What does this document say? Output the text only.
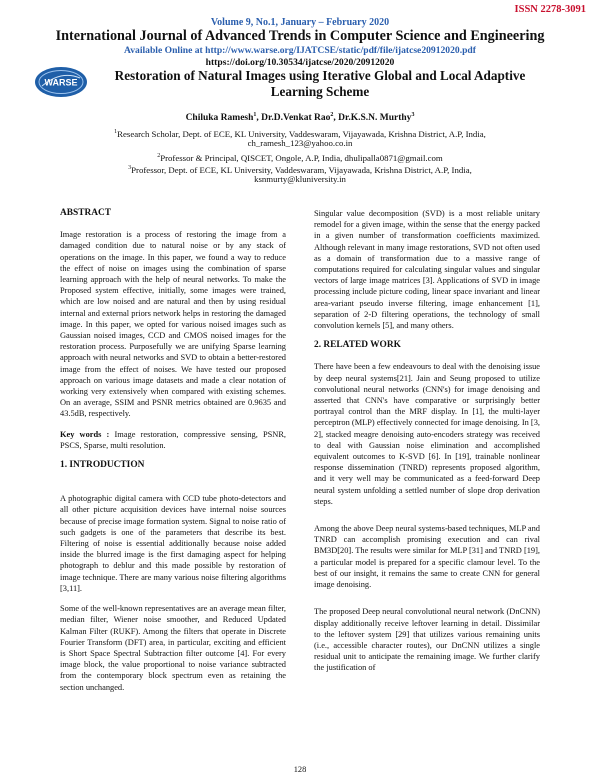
ISSN 2278-3091
Volume 9, No.1, January – February 2020
International Journal of Advanced Trends in Computer Science and Engineering
Available Online at http://www.warse.org/IJATCSE/static/pdf/file/ijatcse20912020.pdf
https://doi.org/10.30534/ijatcse/2020/20912020
WARSE	Restoration of Natural Images using Iterative Global and Local Adaptive
Learning Scheme
Chiluka Ramesh$^1$, Dr.D.Venkat Rao$^2$, Dr.K.S.N. Murthy$^3$
$^1$Research Scholar, Dept. of ECE, KL University, Vaddeswaram, Vijayawada, Krishna District, A.P, India,
ch_ramesh_123@yahoo.co.in
$^2$Professor & Principal, QISCET, Ongole, A.P, India, dhulipalla0871@gmail.com
$^3$Professor, Dept. of ECE, KL University, Vaddeswaram, Vijayawada, Krishna District, A.P, India,
ksnmurty@kluniversity.in

ABSTRACT

Image restoration is a process of restoring the image from a damaged condition due to natural noise or by any stack of operations on the image. In this paper, we found a way to reduce the effect of noise on images using the combination of sparse learning approach with the help of neural networks. To make the Proposed system effective, initially, some images were trained, which are low noised and are natural and then by using residual internal and external priors network helps in restoring the damaged image. In this paper, we opted for various noised images such as Gaussian noised images, CCD and CMOS noised images for the restoration process. Purposefully we are unifying Sparse learning approach with neural networks and SVD to obtain a better-restored image from the effect of noises. We have tested our proposed approach on various image datasets and made a clear notation of working very extensively when compared with existing schemes. On an average, SSIM and PSNR metrics obtained are 0.9635 and 43.5dB, respectively.

Key words : Image restoration, compressive sensing, PSNR, PSCS, Sparse, multi resolution.

1. INTRODUCTION

A photographic digital camera with CCD tube photo-detectors and all other picture acquisition devices have internal noise sources because of precise image formation system. Signal to noise ratio of such gadgets is one of the parameters that describe its best. Filtering of noise is essential additionally because noise added inside the blurred image is the first damaging aspect for helping photograph to deblur and this made possible by restoration of image technique. There are many various noise filtering algorithms [3,11].

Some of the well-known representatives are an average mean filter, median filter, Wiener noise smoother, and Reduced Updated Kalman Filter (RUKF). Among the filters that operate in Discrete Fourier Transform (DFT) area, in particular, exciting and efficient is Short Space Spectral Subtraction filter outcome [4]. For every image block, the value proportional to noise variance subtracted from the contemporary block spectrum even as retaining the section unchanged.

Singular value decomposition (SVD) is a most reliable unitary remodel for a given image, within the sense that the energy packed in a given number of transformation coefficients maximized. Although relevant in many image restorations, SVD not often used as a domain of transformation due to a massive range of computations required for calculating singular values and singular vectors of large image matrices [3]. Applications of SVD in image processing include picture coding, linear space invariant and linear area-variant pseudo inverse filtering, image enhancement [1], separation of 2-D filtering operations, the technology of small convolution kernels [5], and many others.

2. RELATED WORK

There have been a few endeavours to deal with the denoising issue by deep neural systems[21]. Jain and Seung proposed to utilize convolutional neural networks (CNN's) for image denoising and asserted that CNN's have comparative or surprisingly better portrayal control than the MRF display. In [1], the multi-layer perceptron (MLP) effectively connected for image denoising. In [3, 2], stacked meagre denoising auto-encoders strategy was received to deal with Gaussian noise elimination and accomplished equivalent outcomes to K-SVD [6]. In [19], trainable nonlinear response dissemination (TNRD) represents proposed algorithm, and it very well may be communicated as a feed-forward Deep neural system unfolding a settled number of slope drop derivation steps.

Among the above Deep neural systems-based techniques, MLP and TNRD can accomplish promising execution and can rival BM3D[20]. The results were similar for MLP [31] and TNRD [19], a particular model is prepared for a specific clamour level. To the best of our insight, it remains the same to create CNN for general image denoising.

The proposed Deep neural convolutional neural network (DnCNN) display additionally receive leftover learning in detail. Dissimilar to the leftover system [29] that utilizes various remaining units (i.e., accessible character routes), our DnCNN utilizes a single residual unit to anticipate the remaining image. We further clarify the justification of

128
